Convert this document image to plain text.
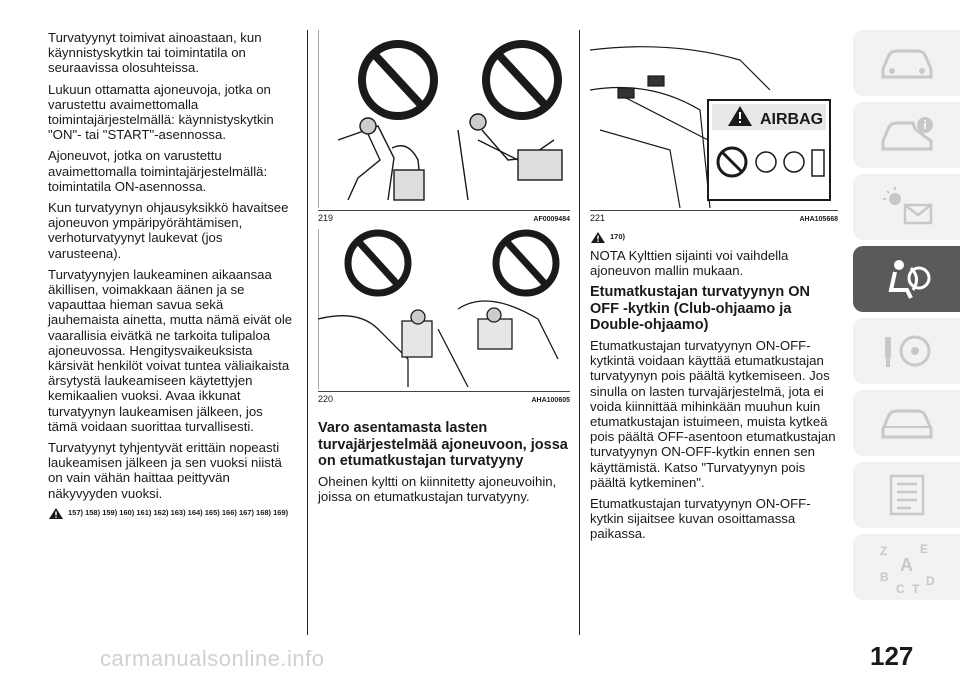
Turvatyynyt toimivat ainoastaan, kun käynnistyskytkin tai toimintatila on seuraavissa olosuhteissa.

Lukuun ottamatta ajoneuvoja, jotka on varustettu avaimettomalla toimintajärjestelmällä: käynnistyskytkin "ON"- tai "START"-asennossa.

Ajoneuvot, jotka on varustettu avaimettomalla toimintajärjestelmällä: toimintatila ON-asennossa.

Kun turvatyynyn ohjausyksikkö havaitsee ajoneuvon ympäripyörähtämisen, verhoturvatyynyt laukevat (jos varusteena).

Turvatyynyjen laukeaminen aikaansaa äkillisen, voimakkaan äänen ja se vapauttaa hieman savua sekä jauhemaista ainetta, mutta nämä eivät ole vaarallisia eivätkä ne tarkoita tulipaloa ajoneuvossa. Hengitysvaikeuksista kärsivät henkilöt voivat tuntea väliaikaista ärsytystä laukeamiseen käytettyjen kemikaalien vuoksi. Avaa ikkunat turvatyynyn laukeamisen jälkeen, jos tämä voidaan suorittaa turvallisesti.

Turvatyynyt tyhjentyvät erittäin nopeasti laukeamisen jälkeen ja sen vuoksi niistä on vain vähän haittaa peittyvän näkyvyyden vuoksi.

157) 158) 159) 160) 161) 162) 163) 164) 165) 166) 167) 168) 169)
219	AF0009484
220	AHA100605
Varo asentamasta lasten turvajärjestelmää ajoneuvoon, jossa on etumatkustajan turvatyyny

Oheinen kyltti on kiinnitetty ajoneuvoihin, joissa on etumatkustajan turvatyyny.

AIRBAG
221	AHA105668
170)

NOTA Kylttien sijainti voi vaihdella ajoneuvon mallin mukaan.

Etumatkustajan turvatyynyn ON OFF -kytkin (Club-ohjaamo ja Double-ohjaamo)

Etumatkustajan turvatyynyn ON-OFF-kytkintä voidaan käyttää etumatkustajan turvatyynyn pois päältä kytkemiseen. Jos sinulla on lasten turvajärjestelmä, jota ei voida kiinnittää mihinkään muuhun kuin etumatkustajan istuimeen, muista kytkeä pois päältä OFF-asentoon etumatkustajan turvatyynyn ON-OFF-kytkin ennen sen käyttämistä. Katso "Turvatyynyn pois päältä kytkeminen".

Etumatkustajan turvatyynyn ON-OFF-kytkin sijaitsee kuvan osoittamassa paikassa.

Z	E
A
B
C T
D
127
carmanualsonline.info
